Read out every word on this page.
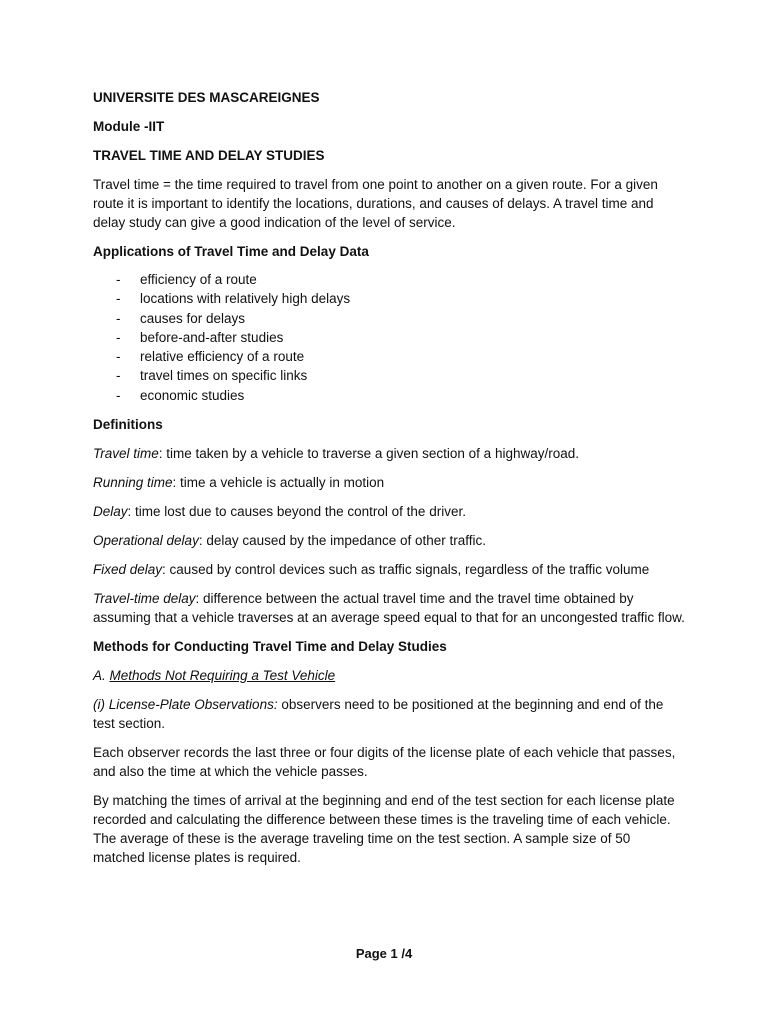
UNIVERSITE DES MASCAREIGNES

Module -IIT

TRAVEL TIME AND DELAY STUDIES

Travel time = the time required to travel from one point to another on a given route. For a given route it is important to identify the locations, durations, and causes of delays. A travel time and delay study can give a good indication of the level of service.

Applications of Travel Time and Delay Data

-	efficiency of a route
-	locations with relatively high delays
-	causes for delays
-	before-and-after studies
-	relative efficiency of a route
-	travel times on specific links
-	economic studies

Definitions

Travel time: time taken by a vehicle to traverse a given section of a highway/road.

Running time: time a vehicle is actually in motion

Delay: time lost due to causes beyond the control of the driver.

Operational delay: delay caused by the impedance of other traffic.

Fixed delay: caused by control devices such as traffic signals, regardless of the traffic volume

Travel-time delay: difference between the actual travel time and the travel time obtained by assuming that a vehicle traverses at an average speed equal to that for an uncongested traffic flow.

Methods for Conducting Travel Time and Delay Studies

A. Methods Not Requiring a Test Vehicle

(i) License-Plate Observations: observers need to be positioned at the beginning and end of the test section.

Each observer records the last three or four digits of the license plate of each vehicle that passes, and also the time at which the vehicle passes.

By matching the times of arrival at the beginning and end of the test section for each license plate recorded and calculating the difference between these times is the traveling time of each vehicle. The average of these is the average traveling time on the test section. A sample size of 50 matched license plates is required.

Page 1 /4
